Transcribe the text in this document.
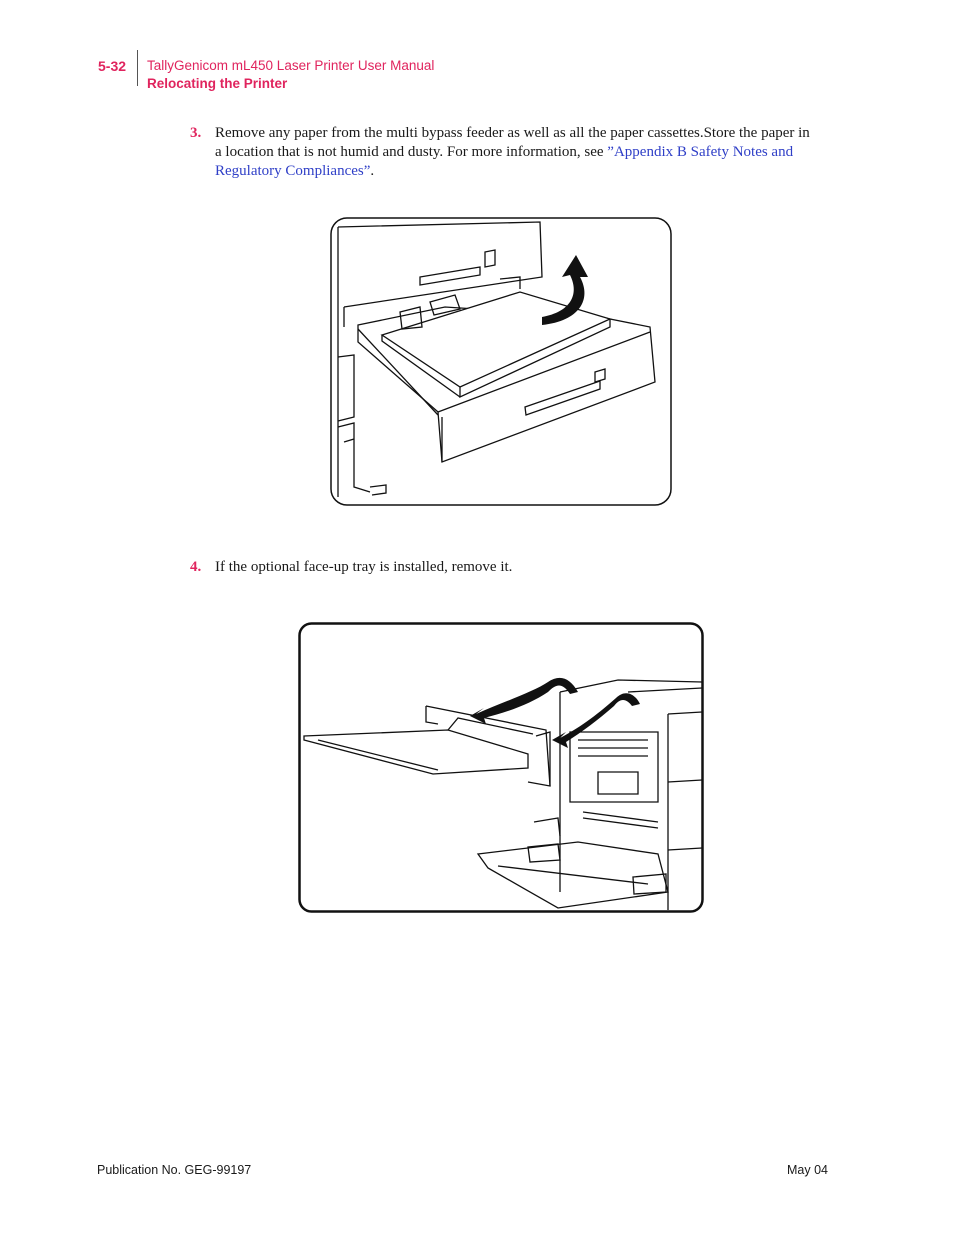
5-32 TallyGenicom mL450 Laser Printer User Manual
Relocating the Printer
3. Remove any paper from the multi bypass feeder as well as all the paper cassettes.Store the paper in a location that is not humid and dusty. For more information, see ”Appendix B Safety Notes and Regulatory Compliances”.
4. If the optional face-up tray is installed, remove it.
Publication No. GEG-99197	May 04
